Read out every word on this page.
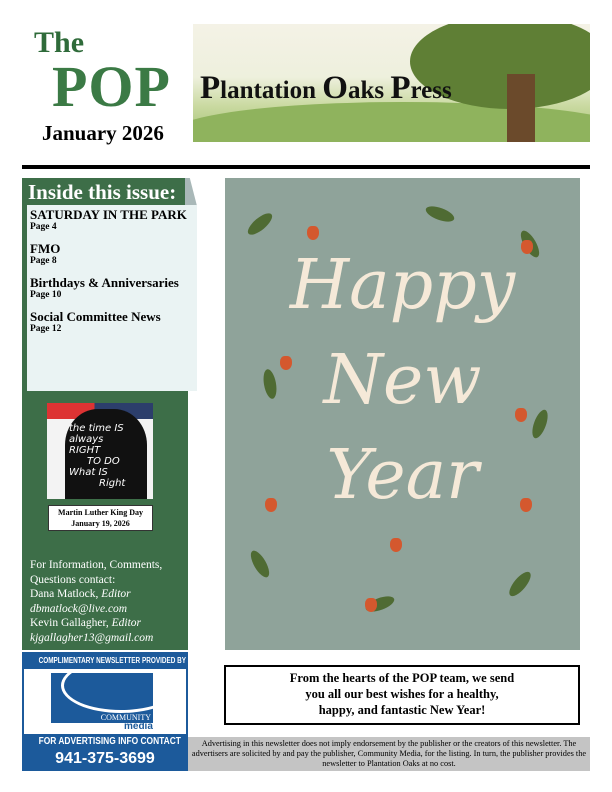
The
POP
January 2026
Plantation Oaks Press
Inside this issue:
SATURDAY IN THE PARK
Page 4
FMO
Page 8
Birthdays & Anniversaries
Page 10
Social Committee News
Page 12
the time IS
always
RIGHT
TO DO
What IS
Right
Martin Luther King Day
January 19, 2026
For Information, Comments,
Questions contact:
Dana Matlock, Editor
dbmatlock@live.com
Kevin Gallagher, Editor
kjgallagher13@gmail.com
COMPLIMENTARY NEWSLETTER PROVIDED BY
COMMUNITY
media
FOR ADVERTISING INFO CONTACT
941-375-3699
Happy
New
Year
From the hearts of the POP team, we send
you all our best wishes for a healthy,
happy, and fantastic New Year!
Advertising in this newsletter does not imply endorsement by the publisher or the creators of this newsletter. The advertisers are solicited by and pay the publisher, Community Media, for the listing. In turn, the publisher provides the newsletter to Plantation Oaks at no cost.
